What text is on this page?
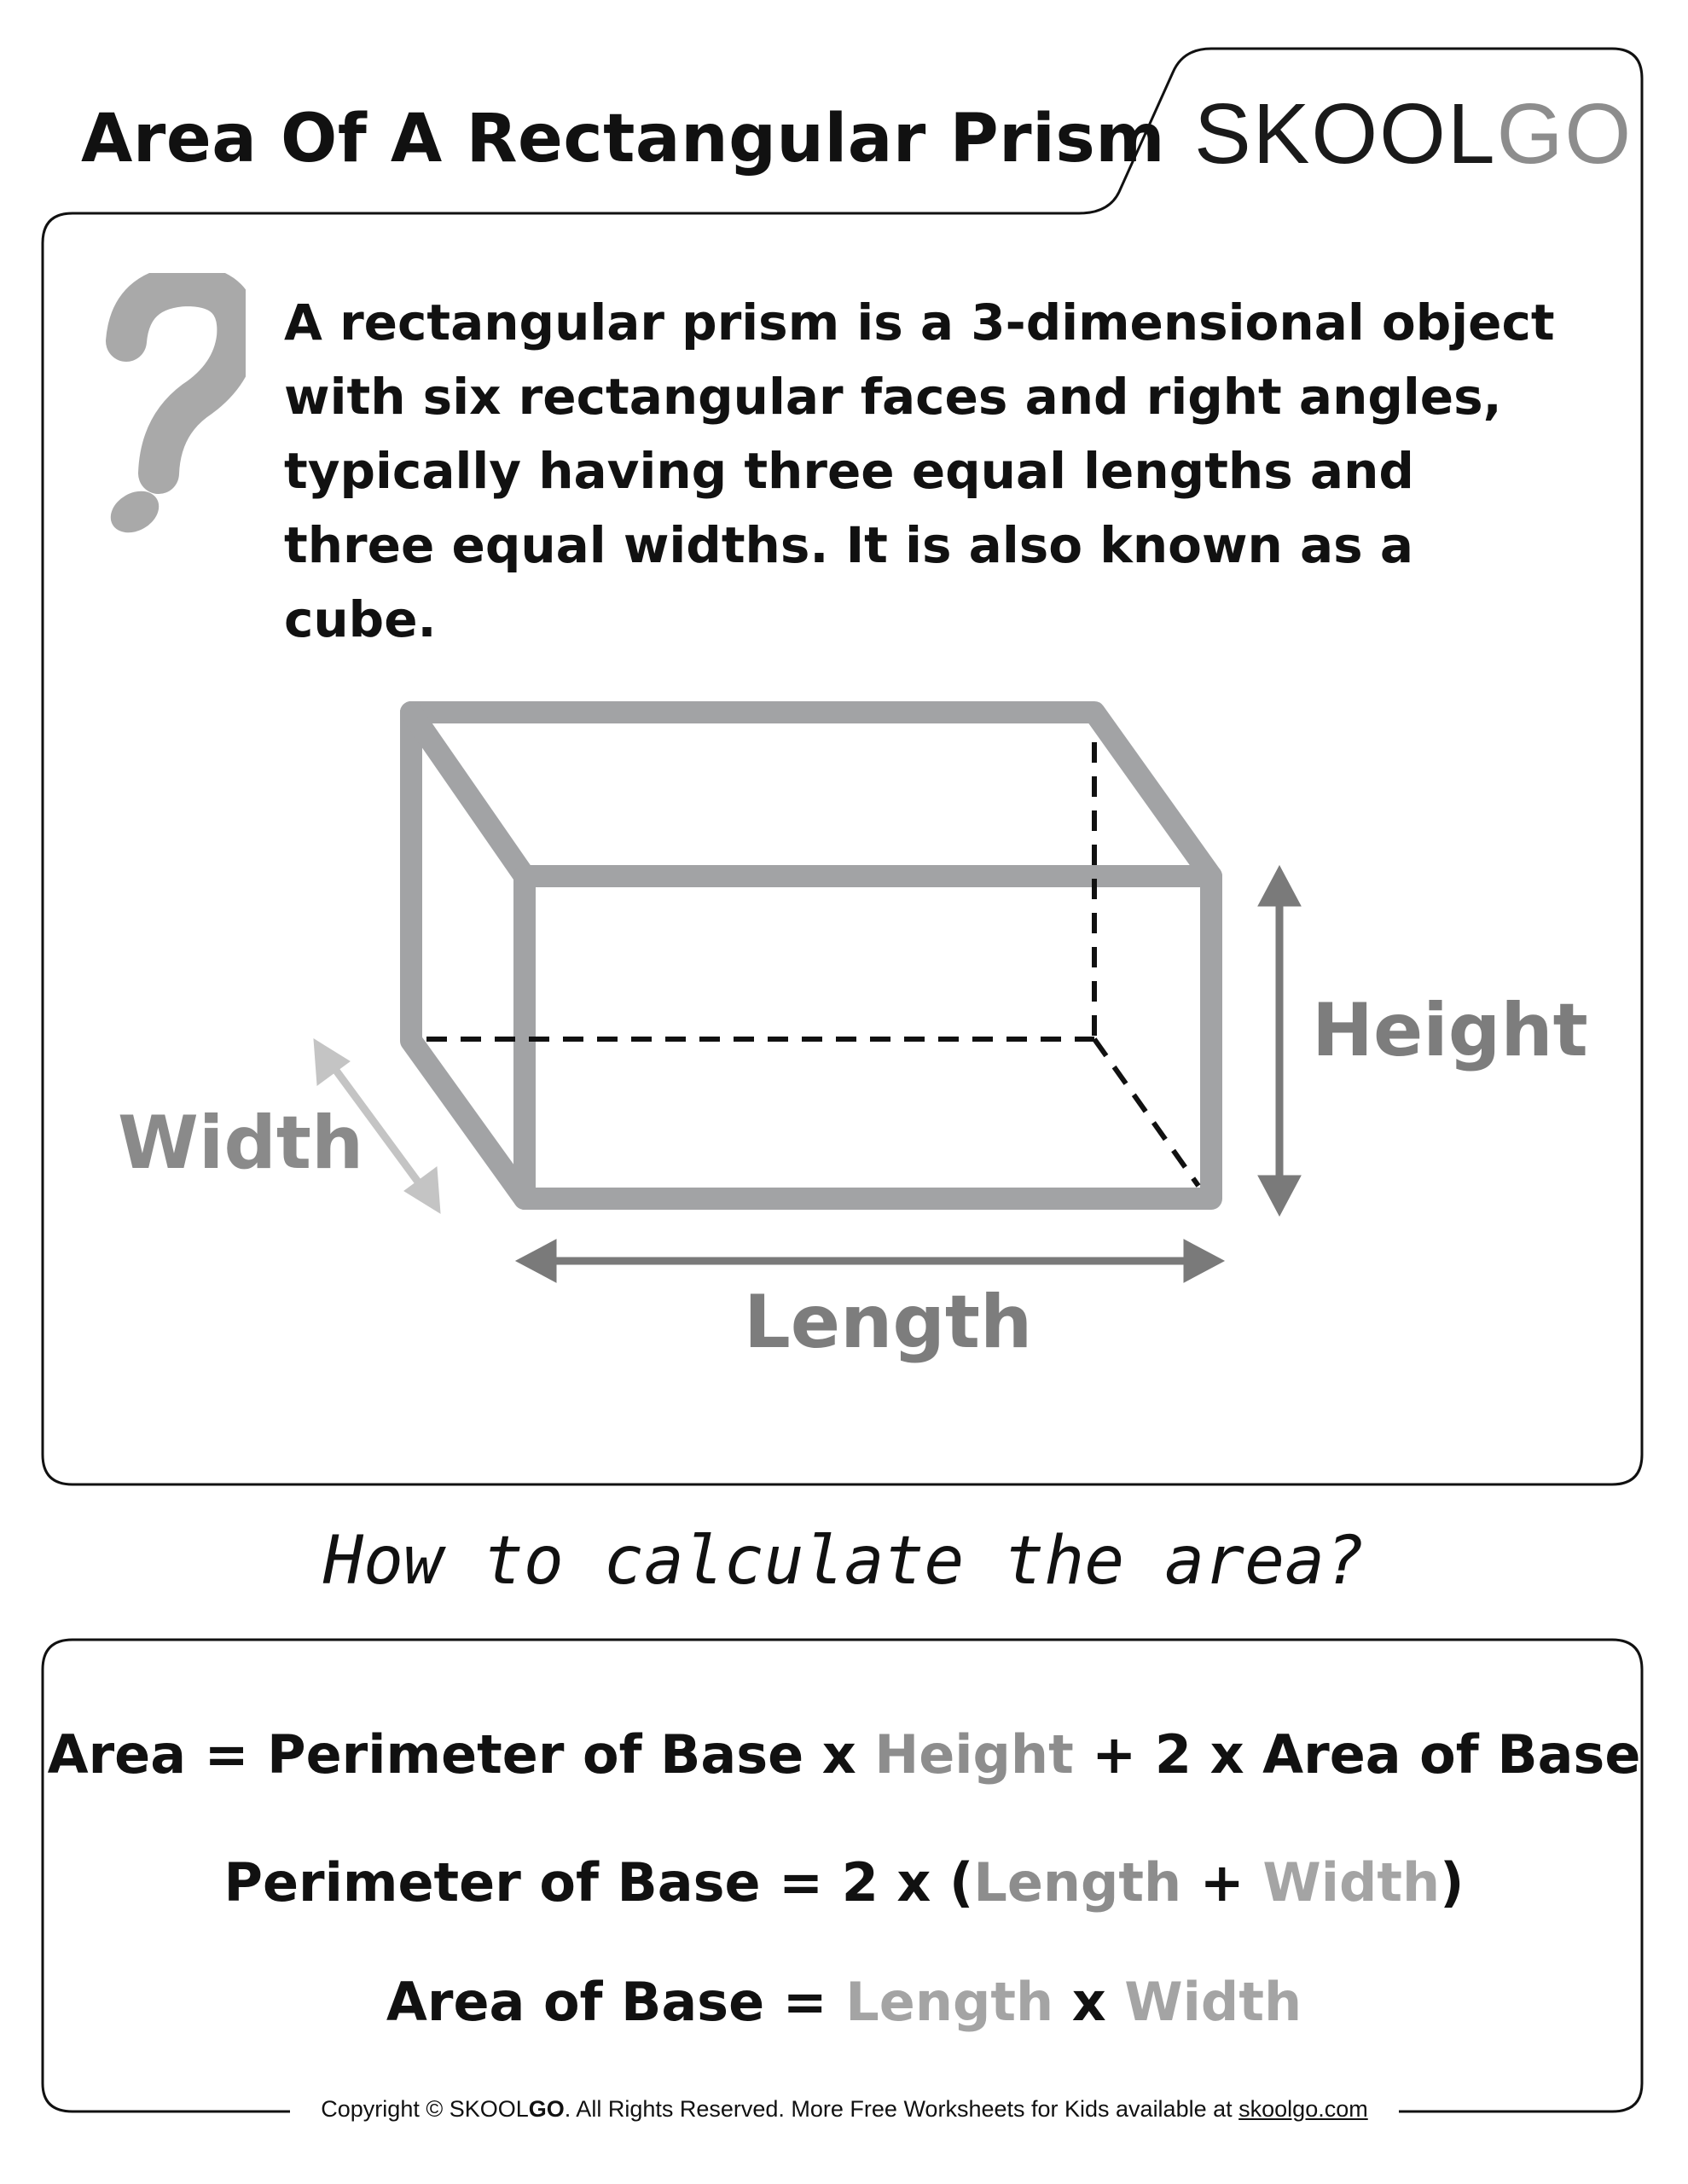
Area Of A Rectangular Prism SKOOLGO
A rectangular prism is a 3-dimensional object with six rectangular faces and right angles, typically having three equal lengths and three equal widths. It is also known as a cube.
Height
Width
Length
How to calculate the area?
Area = Perimeter of Base x Height + 2 x Area of Base
Perimeter of Base = 2 x (Length + Width)
Area of Base = Length x Width
Copyright © SKOOLGO. All Rights Reserved. More Free Worksheets for Kids available at skoolgo.com
